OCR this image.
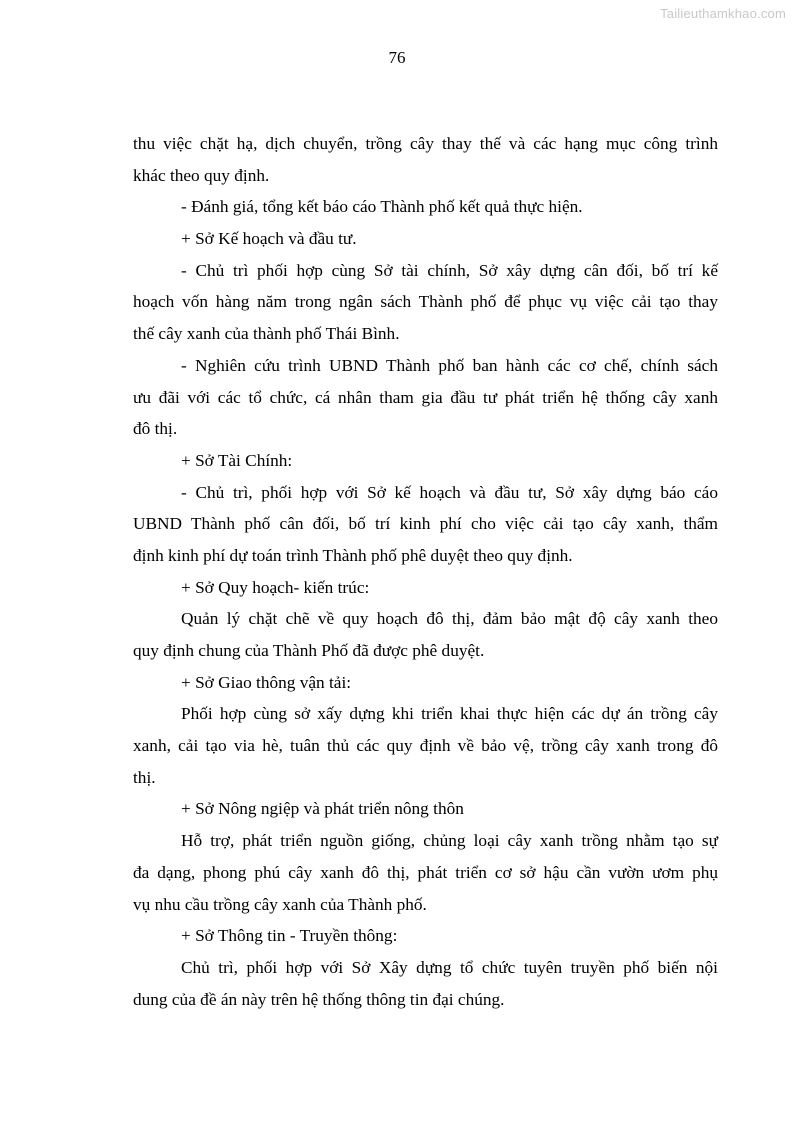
Tailieuthamkhao.com
76
thu việc chặt hạ, dịch chuyển, trồng cây thay thế và các hạng mục công trình
khác theo quy định.
- Đánh giá, tổng kết báo cáo Thành phố kết quả thực hiện.
+ Sở Kế hoạch và đầu tư.
- Chủ trì phối hợp cùng Sở tài chính, Sở xây dựng cân đối, bố trí kế
hoạch vốn hàng năm trong ngân sách Thành phố để phục vụ việc cải tạo thay
thế cây xanh của thành phố Thái Bình.
- Nghiên cứu trình UBND Thành phố ban hành các cơ chế, chính sách
ưu đãi với các tổ chức, cá nhân tham gia đầu tư phát triển hệ thống cây xanh
đô thị.
+ Sở Tài Chính:
- Chủ trì, phối hợp với Sở kế hoạch và đầu tư, Sở xây dựng báo cáo
UBND Thành phố cân đối, bố trí kinh phí cho việc cải tạo cây xanh, thẩm
định kinh phí dự toán trình Thành phố phê duyệt theo quy định.
+ Sở Quy hoạch- kiến trúc:
Quản lý chặt chẽ về quy hoạch đô thị, đảm bảo mật độ cây xanh theo
quy định chung của Thành Phố đã được phê duyệt.
+ Sở Giao thông vận tải:
Phối hợp cùng sở xấy dựng khi triển khai thực hiện các dự án trồng cây
xanh, cải tạo via hè, tuân thủ các quy định về bảo vệ, trồng cây xanh trong đô
thị.
+ Sở Nông ngiệp và phát triển nông thôn
Hỗ trợ, phát triển nguồn giống, chủng loại cây xanh trồng nhằm tạo sự
đa dạng, phong phú cây xanh đô thị, phát triển cơ sở hậu cần vườn ươm phụ
vụ nhu cầu trồng cây xanh của Thành phố.
+ Sở Thông tin - Truyền thông:
Chủ trì, phối hợp với Sở Xây dựng tổ chức tuyên truyền phố biến nội
dung của đề án này trên hệ thống thông tin đại chúng.
